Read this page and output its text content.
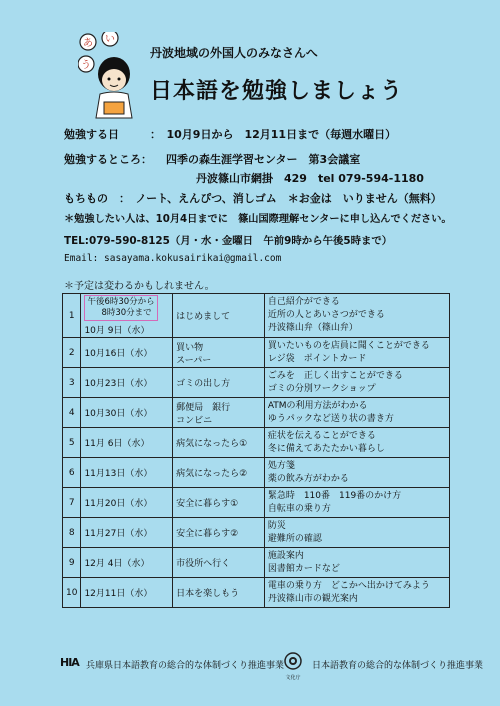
あ い
う
丹波地域の外国人のみなさんへ
日本語を勉強しましょう
勉強する日	：　10月9日から　12月11日まで（毎週水曜日）
勉強するところ： 四季の森生涯学習センター　第3会議室
丹波篠山市網掛　429　tel 079-594-1180
もちもの　：　ノート、えんぴつ、消しゴム　＊お金は　いりません（無料）
＊勉強したい人は、10月4日までに　篠山国際理解センターに申し込んでください。
TEL:079-590-8125（月・水・金曜日　午前9時から午後5時まで）
Email: sasayama.kokusairikai@gmail.com
＊予定は変わるかもしれません。
1	午後6時30分から
8時30分まで
10月 9日（水）	はじめまして	自己紹介ができる
近所の人とあいさつができる
丹波篠山弁（篠山弁）

2	10月16日（水）	買い物
スーパー	買いたいものを店員に聞くことができる
レジ袋　ポイントカード

3	10月23日（水）	ゴミの出し方	ごみを　正しく出すことができる
ゴミの分別ワークショップ

4	10月30日（水）	郵便局　銀行
コンビニ	ATMの利用方法がわかる
ゆうパックなど送り状の書き方

5	11月 6日（水）	病気になったら①	症状を伝えることができる
冬に備えてあたたかい暮らし

6	11月13日（水）	病気になったら②	処方箋
薬の飲み方がわかる

7	11月20日（水）	安全に暮らす①	緊急時　110番　119番のかけ方
自転車の乗り方

8	11月27日（水）	安全に暮らす②	防災
避難所の確認

9	12月 4日（水）	市役所へ行く	施設案内
図書館カードなど

10	12月11日（水）	日本を楽しもう	電車の乗り方　どこかへ出かけてみよう
丹波篠山市の観光案内
HIA 兵庫県日本語教育の総合的な体制づくり推進事業
文化庁
日本語教育の総合的な体制づくり推進事業
